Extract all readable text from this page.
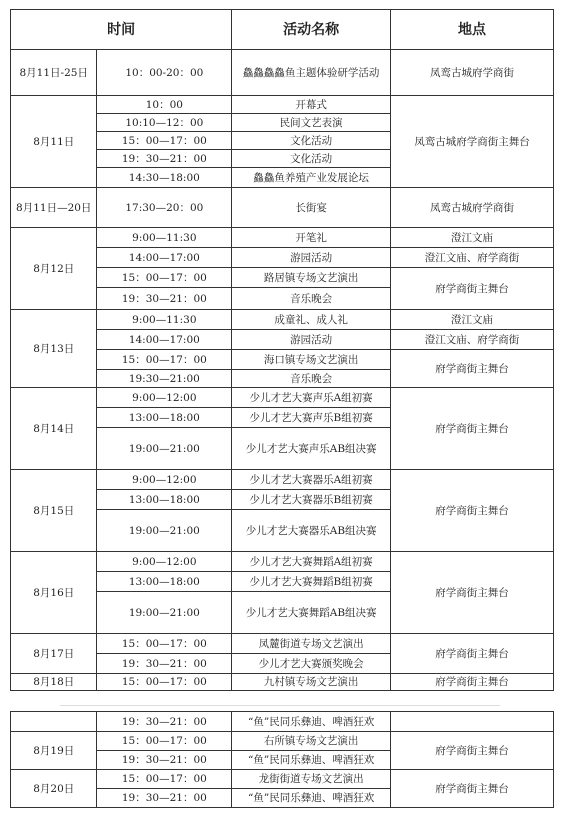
时间		活动名称	地点
8月11日-25日	10：00-20：00	鱻鱻鱻鱻鱼主题体验研学活动	凤鸾古城府学商街
8月11日	10：00	开幕式	凤鸾古城府学商街主舞台
	10:10—12：00	民间文艺表演	
	15：00—17：00	文化活动	
	19：30—21：00	文化活动	
	14:30—18:00	鱻鱻鱼养殖产业发展论坛	
8月11日—20日	17:30—20：00	长街宴	凤鸾古城府学商街
8月12日	9:00—11:30	开笔礼	澄江文庙
	14:00—17:00	游园活动	澄江文庙、府学商街
	15：00—17：00	路居镇专场文艺演出	府学商街主舞台
	19：30—21：00	音乐晚会	
8月13日	9:00—11:30	成童礼、成人礼	澄江文庙
	14:00—17:00	游园活动	澄江文庙、府学商街
	15：00—17：00	海口镇专场文艺演出	府学商街主舞台
	19:30—21:00	音乐晚会	
8月14日	9:00—12:00	少儿才艺大赛声乐A组初赛	府学商街主舞台
	13:00—18:00	少儿才艺大赛声乐B组初赛	
	19:00—21:00	少儿才艺大赛声乐AB组决赛	
8月15日	9:00—12:00	少儿才艺大赛器乐A组初赛	府学商街主舞台
	13:00—18:00	少儿才艺大赛器乐B组初赛	
	19:00—21:00	少儿才艺大赛器乐AB组决赛	
8月16日	9:00—12:00	少儿才艺大赛舞蹈A组初赛	府学商街主舞台
	13:00—18:00	少儿才艺大赛舞蹈B组初赛	
	19:00—21:00	少儿才艺大赛舞蹈AB组决赛	
8月17日	15：00—17：00	凤麓街道专场文艺演出	府学商街主舞台
	19：30—21：00	少儿才艺大赛颁奖晚会	
8月18日	15：00—17：00	九村镇专场文艺演出	府学商街主舞台
	19：30—21：00	“鱼”民同乐彝迪、啤酒狂欢	
8月19日	15：00—17：00	右所镇专场文艺演出	府学商街主舞台
	19：30—21：00	“鱼”民同乐彝迪、啤酒狂欢	
8月20日	15：00—17：00	龙街街道专场文艺演出	府学商街主舞台
	19：30—21：00	“鱼”民同乐彝迪、啤酒狂欢	
